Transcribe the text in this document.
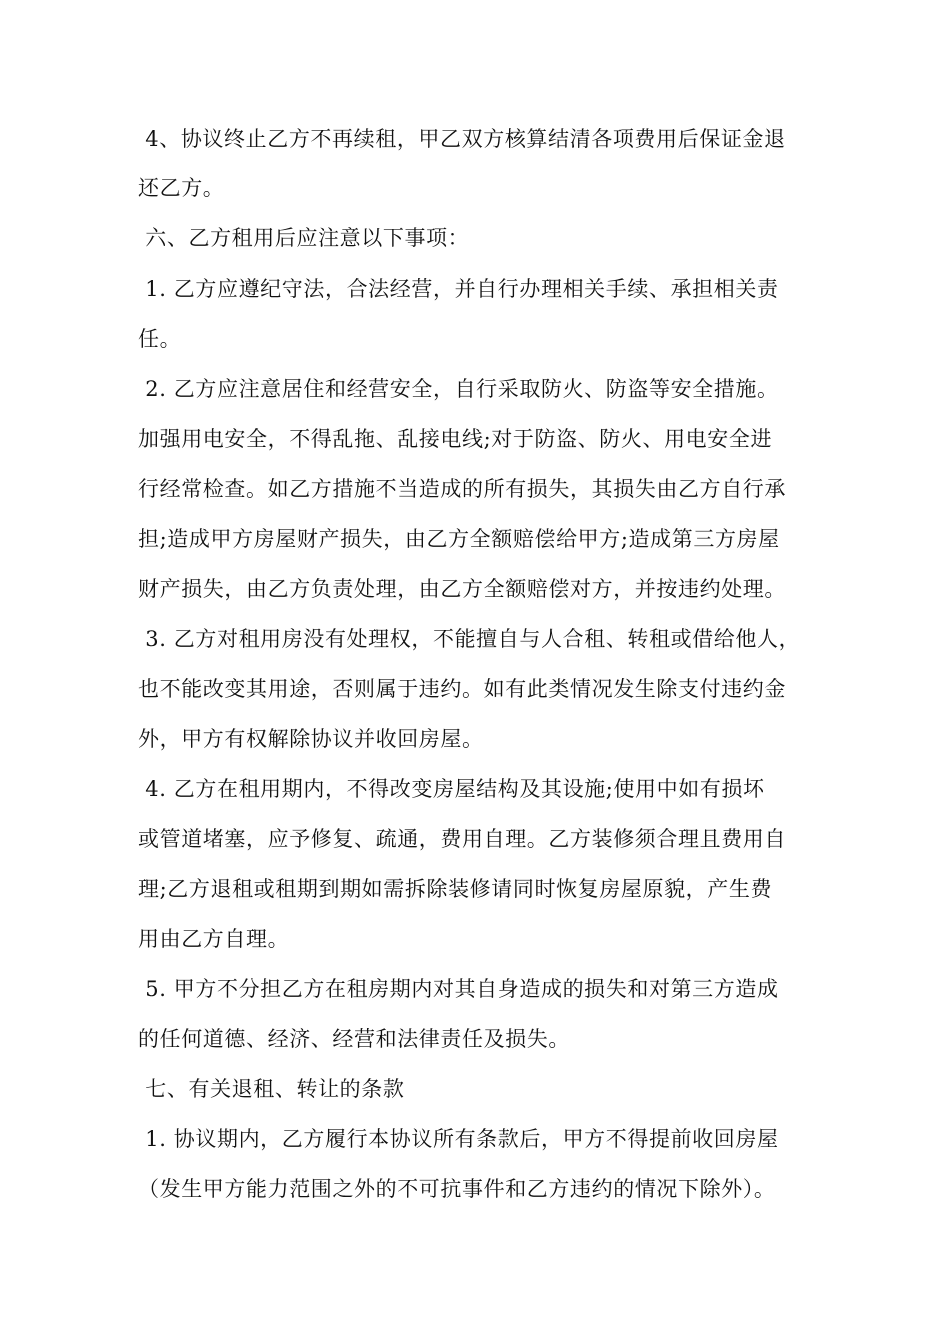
4、协议终止乙方不再续租，甲乙双方核算结清各项费用后保证金退
还乙方。
六、乙方租用后应注意以下事项：
1. 乙方应遵纪守法，合法经营，并自行办理相关手续、承担相关责
任。
2. 乙方应注意居住和经营安全，自行采取防火、防盗等安全措施。
加强用电安全，不得乱拖、乱接电线;对于防盗、防火、用电安全进
行经常检查。如乙方措施不当造成的所有损失，其损失由乙方自行承
担;造成甲方房屋财产损失，由乙方全额赔偿给甲方;造成第三方房屋
财产损失，由乙方负责处理，由乙方全额赔偿对方，并按违约处理。
3. 乙方对租用房没有处理权，不能擅自与人合租、转租或借给他人，
也不能改变其用途，否则属于违约。如有此类情况发生除支付违约金
外，甲方有权解除协议并收回房屋。
4. 乙方在租用期内，不得改变房屋结构及其设施;使用中如有损坏
或管道堵塞，应予修复、疏通，费用自理。乙方装修须合理且费用自
理;乙方退租或租期到期如需拆除装修请同时恢复房屋原貌，产生费
用由乙方自理。
5. 甲方不分担乙方在租房期内对其自身造成的损失和对第三方造成
的任何道德、经济、经营和法律责任及损失。
七、有关退租、转让的条款
1. 协议期内，乙方履行本协议所有条款后，甲方不得提前收回房屋
（发生甲方能力范围之外的不可抗事件和乙方违约的情况下除外）。
